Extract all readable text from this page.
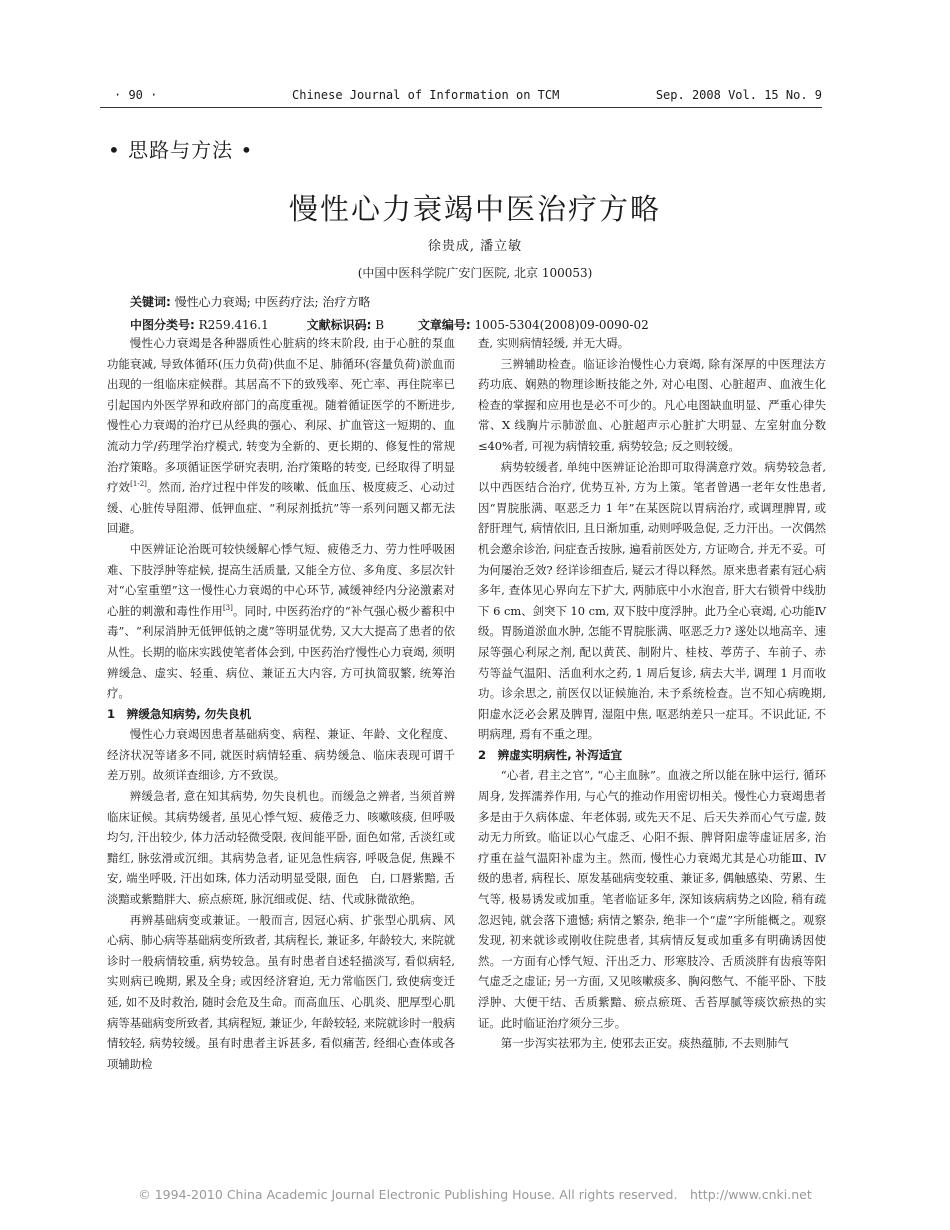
· 90 ·	Chinese Journal of Information on TCM	Sep. 2008 Vol. 15 No. 9
• 思路与方法 •
慢性心力衰竭中医治疗方略
徐贵成, 潘立敏
(中国中医科学院广安门医院, 北京 100053)
关键词: 慢性心力衰竭; 中医药疗法; 治疗方略
中图分类号: R259.416.1	文献标识码: B	文章编号: 1005-5304(2008)09-0090-02

慢性心力衰竭是各种器质性心脏病的终末阶段, 由于心脏的泵血功能衰减, 导致体循环(压力负荷)供血不足、肺循环(容量负荷)淤血而出现的一组临床症候群。其居高不下的致残率、死亡率、再住院率已引起国内外医学界和政府部门的高度重视。随着循证医学的不断进步, 慢性心力衰竭的治疗已从经典的强心、利尿、扩血管这一短期的、血流动力学/药理学治疗模式, 转变为全新的、更长期的、修复性的常规治疗策略。多项循证医学研究表明, 治疗策略的转变, 已经取得了明显疗效[1-2]。然而, 治疗过程中伴发的咳嗽、低血压、极度疲乏、心动过缓、心脏传导阻滞、低钾血症、“利尿剂抵抗”等一系列问题又都无法回避。

中医辨证论治既可较快缓解心悸气短、疲倦乏力、劳力性呼吸困难、下肢浮肿等症候, 提高生活质量, 又能全方位、多角度、多层次针对“心室重塑”这一慢性心力衰竭的中心环节, 减缓神经内分泌激素对心脏的刺激和毒性作用[3]。同时, 中医药治疗的“补气强心极少蓄积中毒”、“利尿消肿无低钾低钠之虞”等明显优势, 又大大提高了患者的依从性。长期的临床实践使笔者体会到, 中医药治疗慢性心力衰竭, 须明辨缓急、虚实、轻重、病位、兼证五大内容, 方可执简驭繁, 统筹治疗。

1　辨缓急知病势, 勿失良机

慢性心力衰竭因患者基础病变、病程、兼证、年龄、文化程度、经济状况等诸多不同, 就医时病情轻重、病势缓急、临床表现可谓千差万别。故须详查细诊, 方不致误。

辨缓急者, 意在知其病势, 勿失良机也。而缓急之辨者, 当须首辨临床证候。其病势缓者, 虽见心悸气短、疲倦乏力、咳嗽咳痰, 但呼吸均匀, 汗出较少, 体力活动轻微受限, 夜间能平卧, 面色如常, 舌淡红或黯红, 脉弦滑或沉细。其病势急者, 证见急性病容, 呼吸急促, 焦躁不安, 端坐呼吸, 汗出如珠, 体力活动明显受限, 面色　白, 口唇紫黯, 舌淡黯或紫黯胖大、瘀点瘀斑, 脉沉细或促、结、代或脉微欲绝。

再辨基础病变或兼证。一般而言, 因冠心病、扩张型心肌病、风心病、肺心病等基础病变所致者, 其病程长, 兼证多, 年龄较大, 来院就诊时一般病情较重, 病势较急。虽有时患者自述轻描淡写, 看似病轻, 实则病已晚期, 累及全身; 或因经济窘迫, 无力常临医门, 致使病变迁延, 如不及时救治, 随时会危及生命。而高血压、心肌炎、肥厚型心肌病等基础病变所致者, 其病程短, 兼证少, 年龄较轻, 来院就诊时一般病情较轻, 病势较缓。虽有时患者主诉甚多, 看似痛苦, 经细心查体或各项辅助检

查, 实则病情轻缓, 并无大碍。

三辨辅助检查。临证诊治慢性心力衰竭, 除有深厚的中医理法方药功底、娴熟的物理诊断技能之外, 对心电图、心脏超声、血液生化检查的掌握和应用也是必不可少的。凡心电图缺血明显、严重心律失常、X 线胸片示肺淤血、心脏超声示心脏扩大明显、左室射血分数≤40%者, 可视为病情较重, 病势较急; 反之则较缓。

病势较缓者, 单纯中医辨证论治即可取得满意疗效。病势较急者, 以中西医结合治疗, 优势互补, 方为上策。笔者曾遇一老年女性患者, 因“胃脘胀满、呕恶乏力 1 年”在某医院以胃病治疗, 或调理脾胃, 或舒肝理气, 病情依旧, 且日渐加重, 动则呼吸急促, 乏力汗出。一次偶然机会邀余诊治, 问症查舌按脉, 遍看前医处方, 方证吻合, 并无不妥。可为何屡治乏效? 经详诊细查后, 疑云才得以释然。原来患者素有冠心病多年, 查体见心界向左下扩大, 两肺底中小水泡音, 肝大右锁骨中线肋下 6 cm、剑突下 10 cm, 双下肢中度浮肿。此乃全心衰竭, 心功能Ⅳ级。胃肠道淤血水肿, 怎能不胃脘胀满、呕恶乏力? 遂处以地高辛、速尿等强心利尿之剂, 配以黄芪、制附片、桂枝、葶苈子、车前子、赤芍等益气温阳、活血利水之药, 1 周后复诊, 病去大半, 调理 1 月而收功。诊余思之, 前医仅以证候施治, 未予系统检查。岂不知心病晚期, 阳虚水泛必会累及脾胃, 湿阻中焦, 呕恶纳差只一症耳。不识此证, 不明病理, 焉有不重之理。

2　辨虚实明病性, 补泻适宜

“心者, 君主之官”, “心主血脉”。血液之所以能在脉中运行, 循环周身, 发挥濡养作用, 与心气的推动作用密切相关。慢性心力衰竭患者多是由于久病体虚、年老体弱, 或先天不足、后天失养而心气亏虚, 鼓动无力所致。临证以心气虚乏、心阳不振、脾肾阳虚等虚证居多, 治疗重在益气温阳补虚为主。然而, 慢性心力衰竭尤其是心功能Ⅲ、Ⅳ级的患者, 病程长、原发基础病变较重、兼证多, 偶触感染、劳累、生气等, 极易诱发或加重。笔者临证多年, 深知该病病势之凶险, 稍有疏忽迟钝, 就会落下遗憾; 病情之繁杂, 绝非一个“虚”字所能概之。观察发现, 初来就诊或刚收住院患者, 其病情反复或加重多有明确诱因使然。一方面有心悸气短、汗出乏力、形寒肢冷、舌质淡胖有齿痕等阳气虚乏之虚证; 另一方面, 又见咳嗽痰多、胸闷憋气、不能平卧、下肢浮肿、大便干结、舌质紫黯、瘀点瘀斑、舌苔厚腻等痰饮瘀热的实证。此时临证治疗须分三步。

第一步泻实祛邪为主, 使邪去正安。痰热蕴肺, 不去则肺气

© 1994-2010 China Academic Journal Electronic Publishing House. All rights reserved.　http://www.cnki.net
